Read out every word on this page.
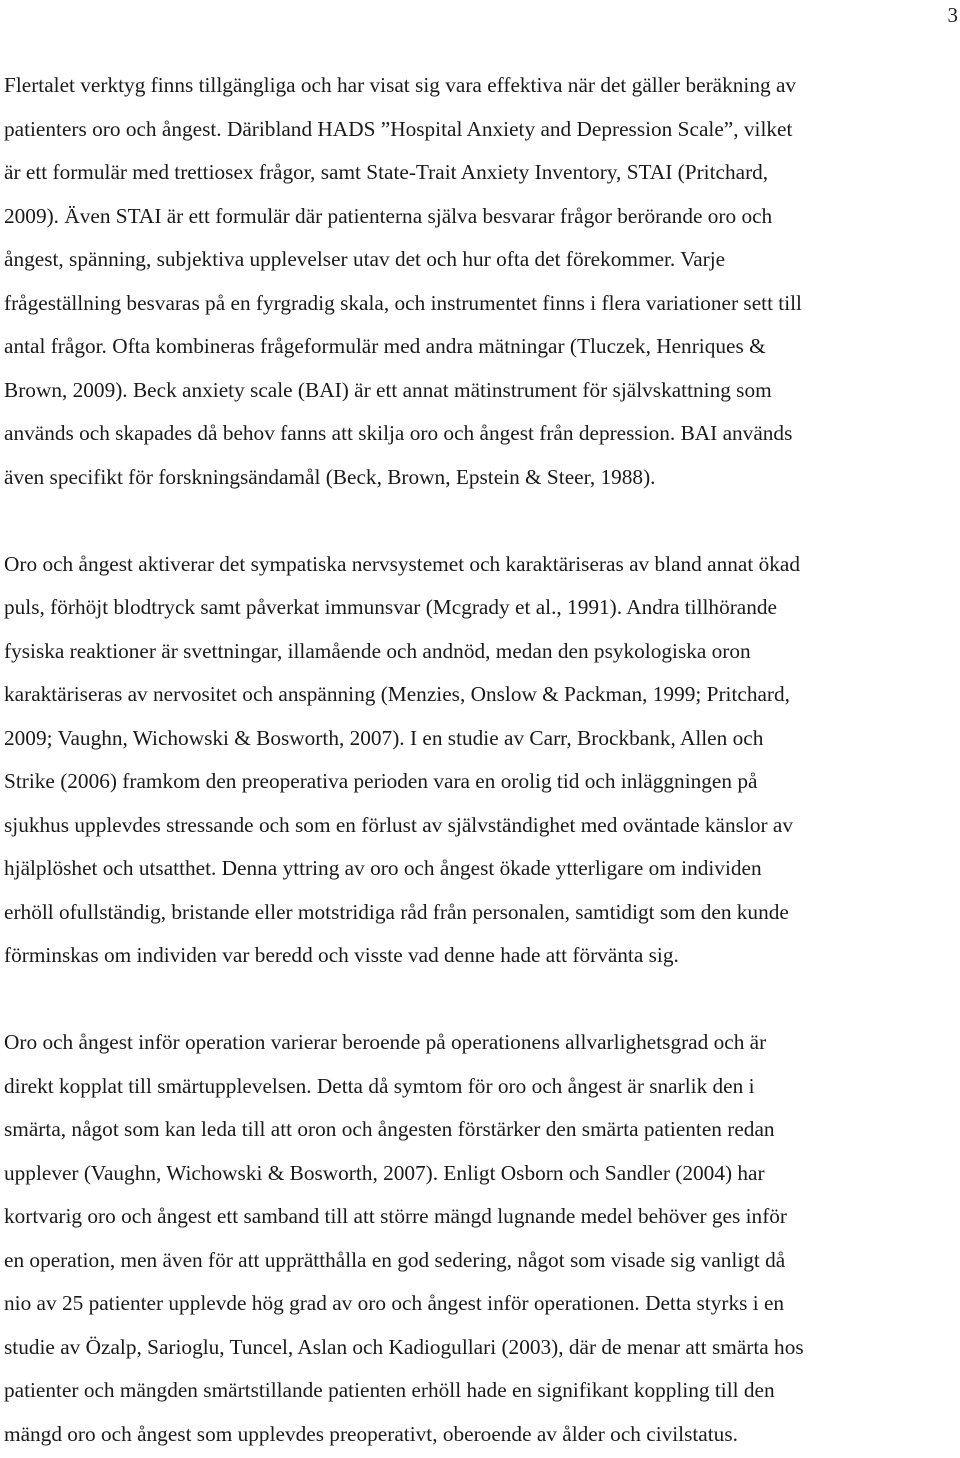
3
Flertalet verktyg finns tillgängliga och har visat sig vara effektiva när det gäller beräkning av
patienters oro och ångest. Däribland HADS ”Hospital Anxiety and Depression Scale”, vilket
är ett formulär med trettiosex frågor, samt State-Trait Anxiety Inventory, STAI (Pritchard,
2009). Även STAI är ett formulär där patienterna själva besvarar frågor berörande oro och
ångest, spänning, subjektiva upplevelser utav det och hur ofta det förekommer. Varje
frågeställning besvaras på en fyrgradig skala, och instrumentet finns i flera variationer sett till
antal frågor. Ofta kombineras frågeformulär med andra mätningar (Tluczek, Henriques &
Brown, 2009). Beck anxiety scale (BAI) är ett annat mätinstrument för självskattning som
används och skapades då behov fanns att skilja oro och ångest från depression. BAI används
även specifikt för forskningsändamål (Beck, Brown, Epstein & Steer, 1988).
Oro och ångest aktiverar det sympatiska nervsystemet och karaktäriseras av bland annat ökad
puls, förhöjt blodtryck samt påverkat immunsvar (Mcgrady et al., 1991). Andra tillhörande
fysiska reaktioner är svettningar, illamående och andnöd, medan den psykologiska oron
karaktäriseras av nervositet och anspänning (Menzies, Onslow & Packman, 1999; Pritchard,
2009; Vaughn, Wichowski & Bosworth, 2007). I en studie av Carr, Brockbank, Allen och
Strike (2006) framkom den preoperativa perioden vara en orolig tid och inläggningen på
sjukhus upplevdes stressande och som en förlust av självständighet med oväntade känslor av
hjälplöshet och utsatthet. Denna yttring av oro och ångest ökade ytterligare om individen
erhöll ofullständig, bristande eller motstridiga råd från personalen, samtidigt som den kunde
förminskas om individen var beredd och visste vad denne hade att förvänta sig.
Oro och ångest inför operation varierar beroende på operationens allvarlighetsgrad och är
direkt kopplat till smärtupplevelsen. Detta då symtom för oro och ångest är snarlik den i
smärta, något som kan leda till att oron och ångesten förstärker den smärta patienten redan
upplever (Vaughn, Wichowski & Bosworth, 2007). Enligt Osborn och Sandler (2004) har
kortvarig oro och ångest ett samband till att större mängd lugnande medel behöver ges inför
en operation, men även för att upprätthålla en god sedering, något som visade sig vanligt då
nio av 25 patienter upplevde hög grad av oro och ångest inför operationen. Detta styrks i en
studie av Özalp, Sarioglu, Tuncel, Aslan och Kadiogullari (2003), där de menar att smärta hos
patienter och mängden smärtstillande patienten erhöll hade en signifikant koppling till den
mängd oro och ångest som upplevdes preoperativt, oberoende av ålder och civilstatus.
